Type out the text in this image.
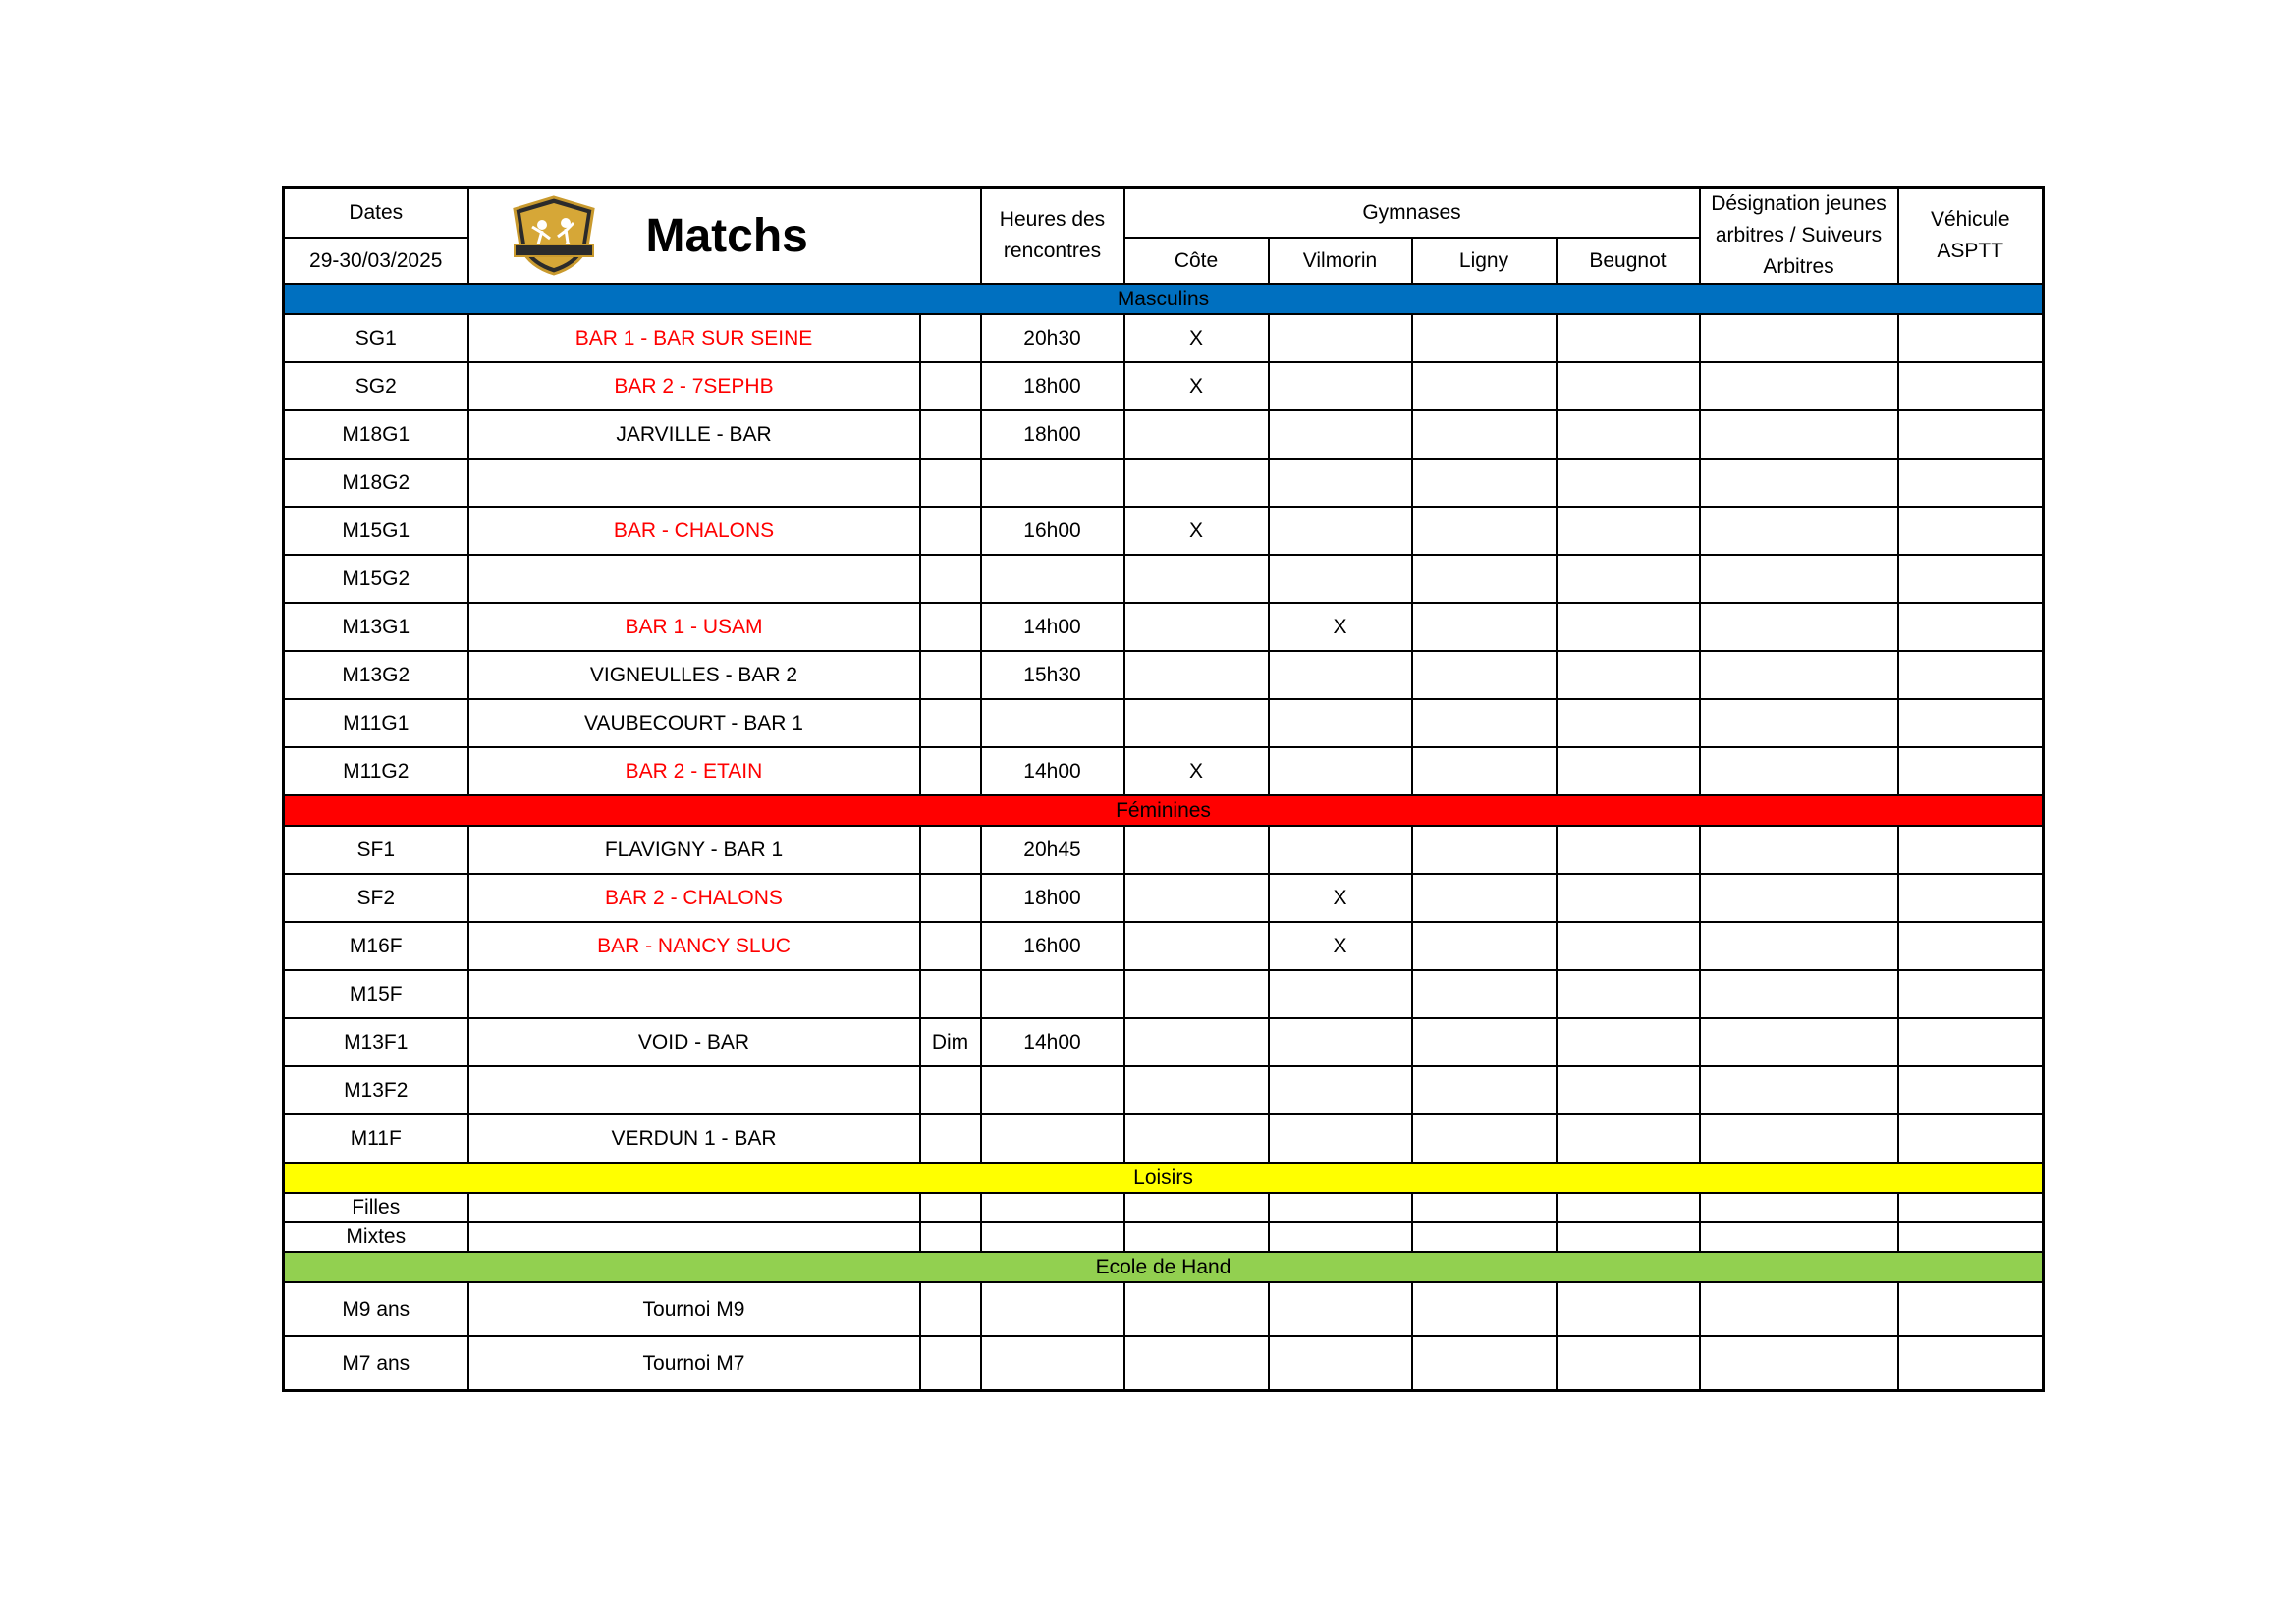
Dates	Matchs		Heures des rencontres	Gymnases				Désignation jeunes arbitres / Suiveurs Arbitres	Véhicule ASPTT
29-30/03/2025				Côte	Vilmorin	Ligny	Beugnot		
Masculins									
SG1	BAR 1 - BAR SUR SEINE		20h30	X					
SG2	BAR 2 - 7SEPHB		18h00	X					
M18G1	JARVILLE - BAR		18h00						
M18G2									
M15G1	BAR - CHALONS		16h00	X					
M15G2									
M13G1	BAR 1 - USAM		14h00		X				
M13G2	VIGNEULLES - BAR 2		15h30						
M11G1	VAUBECOURT - BAR 1								
M11G2	BAR 2 - ETAIN		14h00	X					
Féminines									
SF1	FLAVIGNY - BAR 1		20h45						
SF2	BAR 2 - CHALONS		18h00		X				
M16F	BAR - NANCY SLUC		16h00		X				
M15F									
M13F1	VOID - BAR	Dim	14h00						
M13F2									
M11F	VERDUN 1 - BAR								
Loisirs									
Filles									
Mixtes									
Ecole de Hand									
M9 ans	Tournoi M9								
M7 ans	Tournoi M7								
